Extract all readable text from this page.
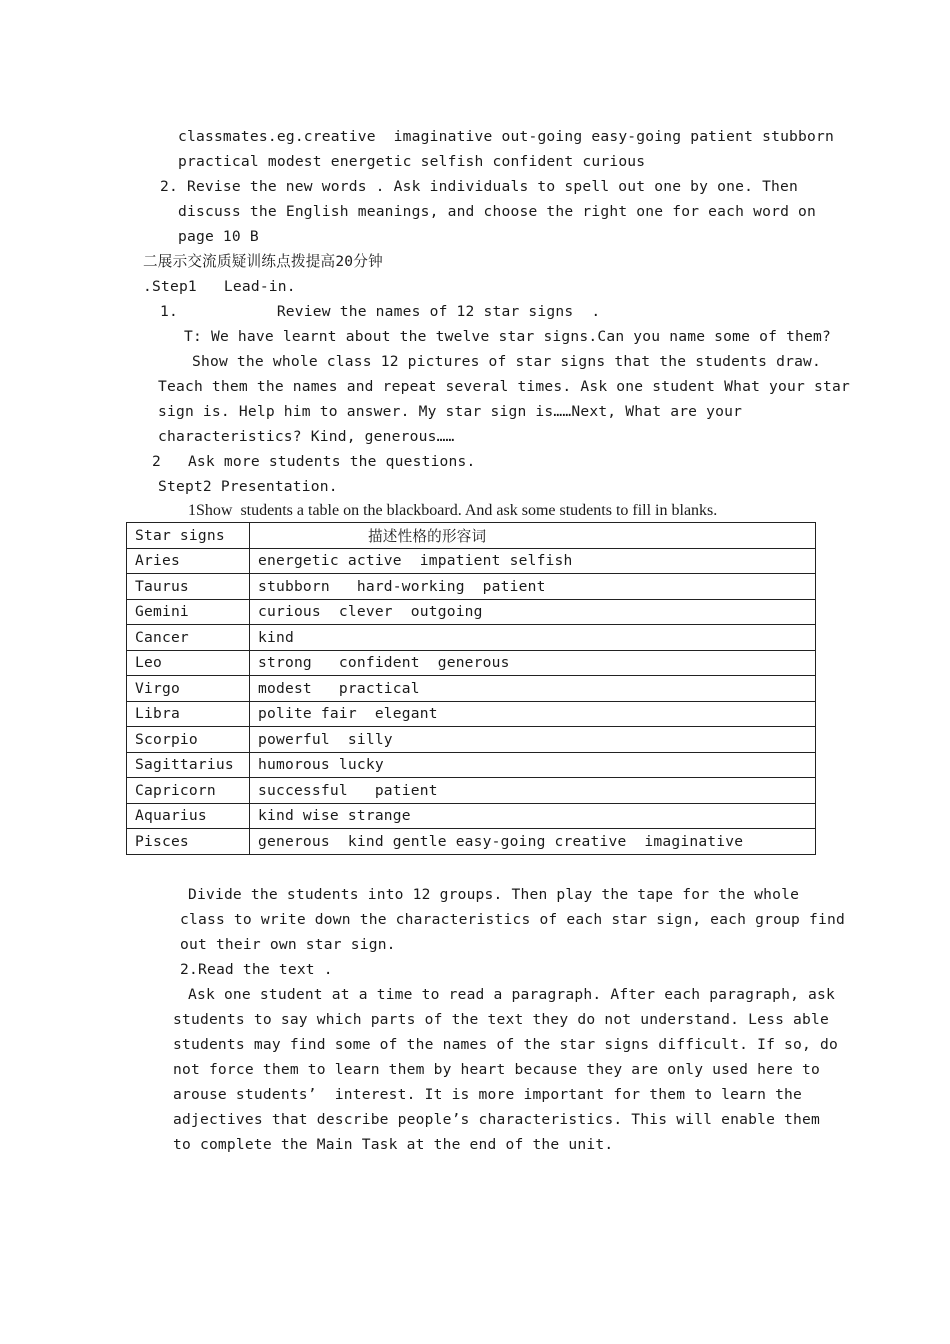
classmates.eg.creative  imaginative out-going easy-going patient stubborn
practical modest energetic selfish confident curious
2. Revise the new words . Ask individuals to spell out one by one. Then
discuss the English meanings, and choose the right one for each word on
page 10 B
二展示交流质疑训练点拨提高20分钟
.Step1   Lead-in.
1.           Review the names of 12 star signs  .
T: We have learnt about the twelve star signs.Can you name some of them?
Show the whole class 12 pictures of star signs that the students draw.
Teach them the names and repeat several times. Ask one student What your star
sign is. Help him to answer. My star sign is……Next, What are your
characteristics? Kind, generous……
2   Ask more students the questions.
Stept2 Presentation.
1Show  students a table on the blackboard. And ask some students to fill in blanks.
Star signs	描述性格的形容词
Aries	energetic active  impatient selfish
Taurus	stubborn   hard-working  patient
Gemini	curious  clever  outgoing
Cancer	kind
Leo	strong   confident  generous
Virgo	modest   practical
Libra	polite fair  elegant
Scorpio	powerful  silly
Sagittarius	humorous lucky
Capricorn	successful   patient
Aquarius	kind wise strange
Pisces	generous  kind gentle easy-going creative  imaginative
Divide the students into 12 groups. Then play the tape for the whole
class to write down the characteristics of each star sign, each group find
out their own star sign.
2.Read the text .
Ask one student at a time to read a paragraph. After each paragraph, ask
students to say which parts of the text they do not understand. Less able
students may find some of the names of the star signs difficult. If so, do
not force them to learn them by heart because they are only used here to
arouse students’  interest. It is more important for them to learn the
adjectives that describe people’s characteristics. This will enable them
to complete the Main Task at the end of the unit.
